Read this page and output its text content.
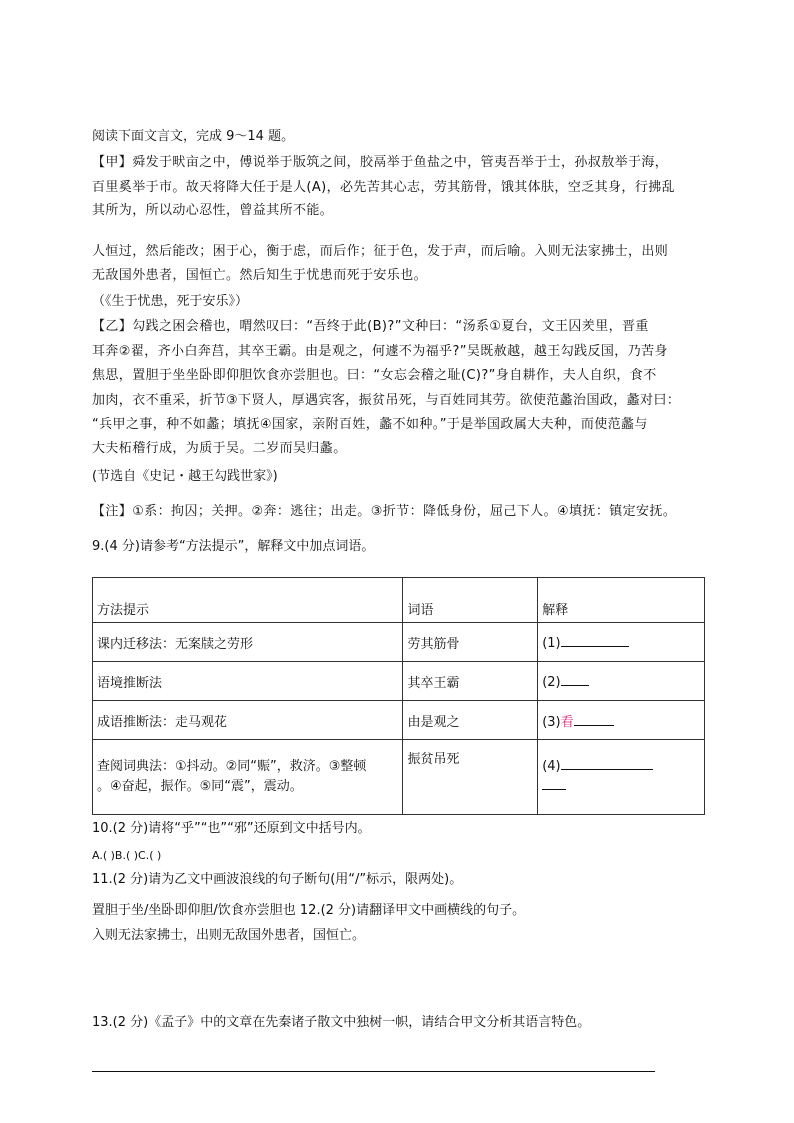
阅读下面文言文，完成 9～14 题。
【甲】舜发于畎亩之中，傅说举于版筑之间，胶鬲举于鱼盐之中，管夷吾举于士，孙叔敖举于海，
百里奚举于市。故天将降大任于是人(A)，必先苦其心志，劳其筋骨，饿其体肤，空乏其身，行拂乱
其所为，所以动心忍性，曾益其所不能。
人恒过，然后能改；困于心，衡于虑，而后作；征于色，发于声，而后喻。入则无法家拂士，出则
无敌国外患者，国恒亡。然后知生于忧患而死于安乐也。
（《生于忧患，死于安乐》）
【乙】勾践之困会稽也，喟然叹曰：“吾终于此(B)?”文种曰：“汤系①夏台，文王囚羑里，晋重
耳奔②翟，齐小白奔莒，其卒王霸。由是观之，何遽不为福乎?”吴既赦越，越王勾践反国，乃苦身
焦思，置胆于坐坐卧即仰胆饮食亦尝胆也。曰：“女忘会稽之耻(C)?”身自耕作，夫人自织，食不
加肉，衣不重采，折节③下贤人，厚遇宾客，振贫吊死，与百姓同其劳。欲使范蠡治国政，蠡对曰：
“兵甲之事，种不如蠡；填抚④国家，亲附百姓，蠡不如种。”于是举国政属大夫种，而使范蠡与
大夫柘稽行成，为质于吴。二岁而吴归蠡。
(节选自《史记・越王勾践世家》)
【注】①系：拘囚；关押。②奔：逃往；出走。③折节：降低身份，屈己下人。④填抚：镇定安抚。
9.(4 分)请参考“方法提示”，解释文中加点词语。
方法提示	词语	解释
课内迁移法：无案牍之劳形	劳其筋骨	(1)
语境推断法	其卒王霸	(2)
成语推断法：走马观花	由是观之	(3)看

查阅词典法：①抖动。②同“赈”，救济。③整顿
。④奋起，振作。⑤同“震”，震动。	振贫吊死	(4)
10.(2 分)请将“乎”“也”“邪”还原到文中括号内。
A.( )B.( )C.( )
11.(2 分)请为乙文中画波浪线的句子断句(用“/”标示，限两处)。
置胆于坐/坐卧即仰胆/饮食亦尝胆也 12.(2 分)请翻译甲文中画横线的句子。
入则无法家拂士，出则无敌国外患者，国恒亡。
13.(2 分)《孟子》中的文章在先秦诸子散文中独树一帜，请结合甲文分析其语言特色。
